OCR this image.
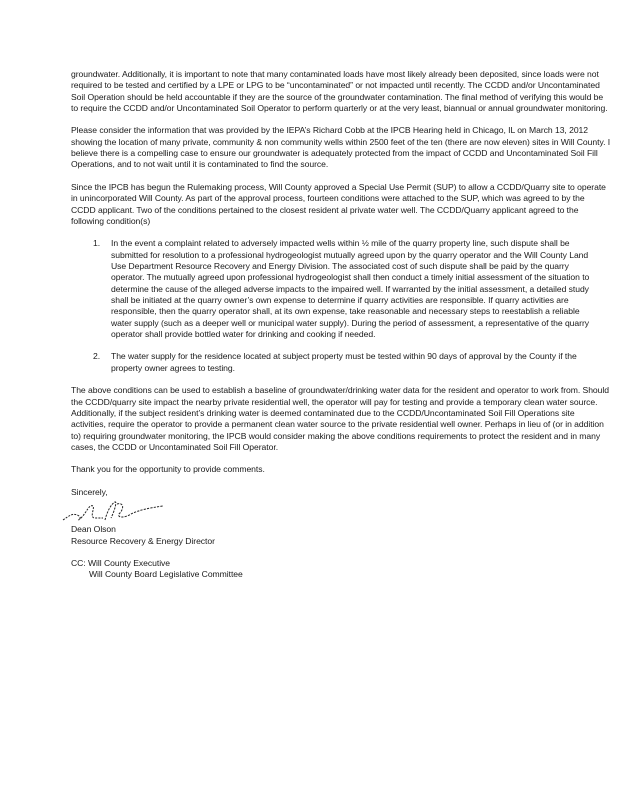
groundwater. Additionally, it is important to note that many contaminated loads have most likely already been deposited, since loads were not required to be tested and certified by a LPE or LPG to be “uncontaminated” or not impacted until recently. The CCDD and/or Uncontaminated Soil Operation should be held accountable if they are the source of the groundwater contamination. The final method of verifying this would be to require the CCDD and/or Uncontaminated Soil Operator to perform quarterly or at the very least, biannual or annual groundwater monitoring.

Please consider the information that was provided by the IEPA’s Richard Cobb at the IPCB Hearing held in Chicago, IL on March 13, 2012 showing the location of many private, community & non community wells within 2500 feet of the ten (there are now eleven) sites in Will County. I believe there is a compelling case to ensure our groundwater is adequately protected from the impact of CCDD and Uncontaminated Soil Fill Operations, and to not wait until it is contaminated to find the source.

Since the IPCB has begun the Rulemaking process, Will County approved a Special Use Permit (SUP) to allow a CCDD/Quarry site to operate in unincorporated Will County. As part of the approval process, fourteen conditions were attached to the SUP, which was agreed to by the CCDD applicant. Two of the conditions pertained to the closest resident al private water well. The CCDD/Quarry applicant agreed to the following condition(s)

1. In the event a complaint related to adversely impacted wells within ½ mile of the quarry property line, such dispute shall be submitted for resolution to a professional hydrogeologist mutually agreed upon by the quarry operator and the Will County Land Use Department Resource Recovery and Energy Division. The associated cost of such dispute shall be paid by the quarry operator. The mutually agreed upon professional hydrogeologist shall then conduct a timely initial assessment of the situation to determine the cause of the alleged adverse impacts to the impaired well. If warranted by the initial assessment, a detailed study shall be initiated at the quarry owner’s own expense to determine if quarry activities are responsible. If quarry activities are responsible, then the quarry operator shall, at its own expense, take reasonable and necessary steps to reestablish a reliable water supply (such as a deeper well or municipal water supply). During the period of assessment, a representative of the quarry operator shall provide bottled water for drinking and cooking if needed.

2. The water supply for the residence located at subject property must be tested within 90 days of approval by the County if the property owner agrees to testing.

The above conditions can be used to establish a baseline of groundwater/drinking water data for the resident and operator to work from. Should the CCDD/quarry site impact the nearby private residential well, the operator will pay for testing and provide a temporary clean water source. Additionally, if the subject resident’s drinking water is deemed contaminated due to the CCDD/Uncontaminated Soil Fill Operations site activities, require the operator to provide a permanent clean water source to the private residential well owner. Perhaps in lieu of (or in addition to) requiring groundwater monitoring, the IPCB would consider making the above conditions requirements to protect the resident and in many cases, the CCDD or Uncontaminated Soil Fill Operator.

Thank you for the opportunity to provide comments.

Sincerely,

Dean Olson

Resource Recovery & Energy Director

CC: Will County Executive

Will County Board Legislative Committee
